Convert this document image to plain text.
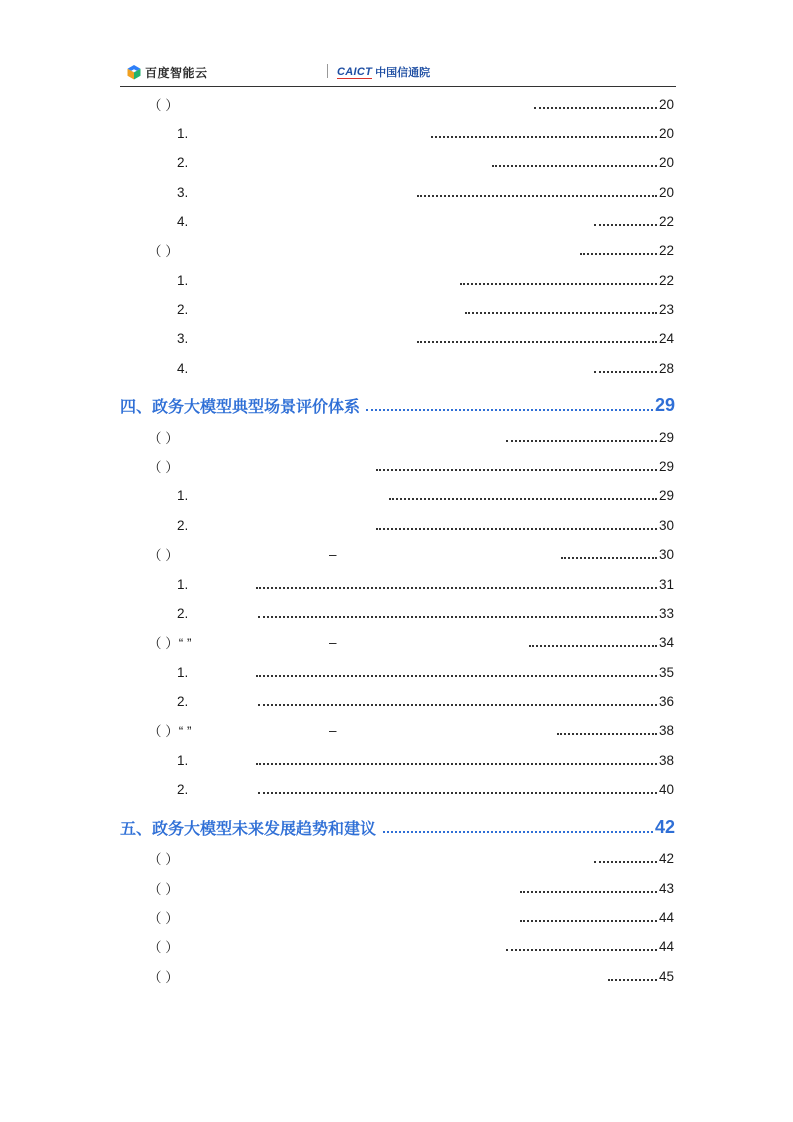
百度智能云	CAICT 中国信通院
（ ）	20
1.	20
2.	20
3.	20
4.	22
（ ）	22
1.	22
2.	23
3.	24
4.	28
四、政务大模型典型场景评价体系	29
（ ）	29
（ ）	29
1.	29
2.	30
（ ）	–	30
1.	31
2.	33
（ ）“ ”	–	34
1.	35
2.	36
（ ）“ ”	–	38
1.	38
2.	40
五、政务大模型未来发展趋势和建议	42
（ ）	42
（ ）	43
（ ）	44
（ ）	44
（ ）	45
